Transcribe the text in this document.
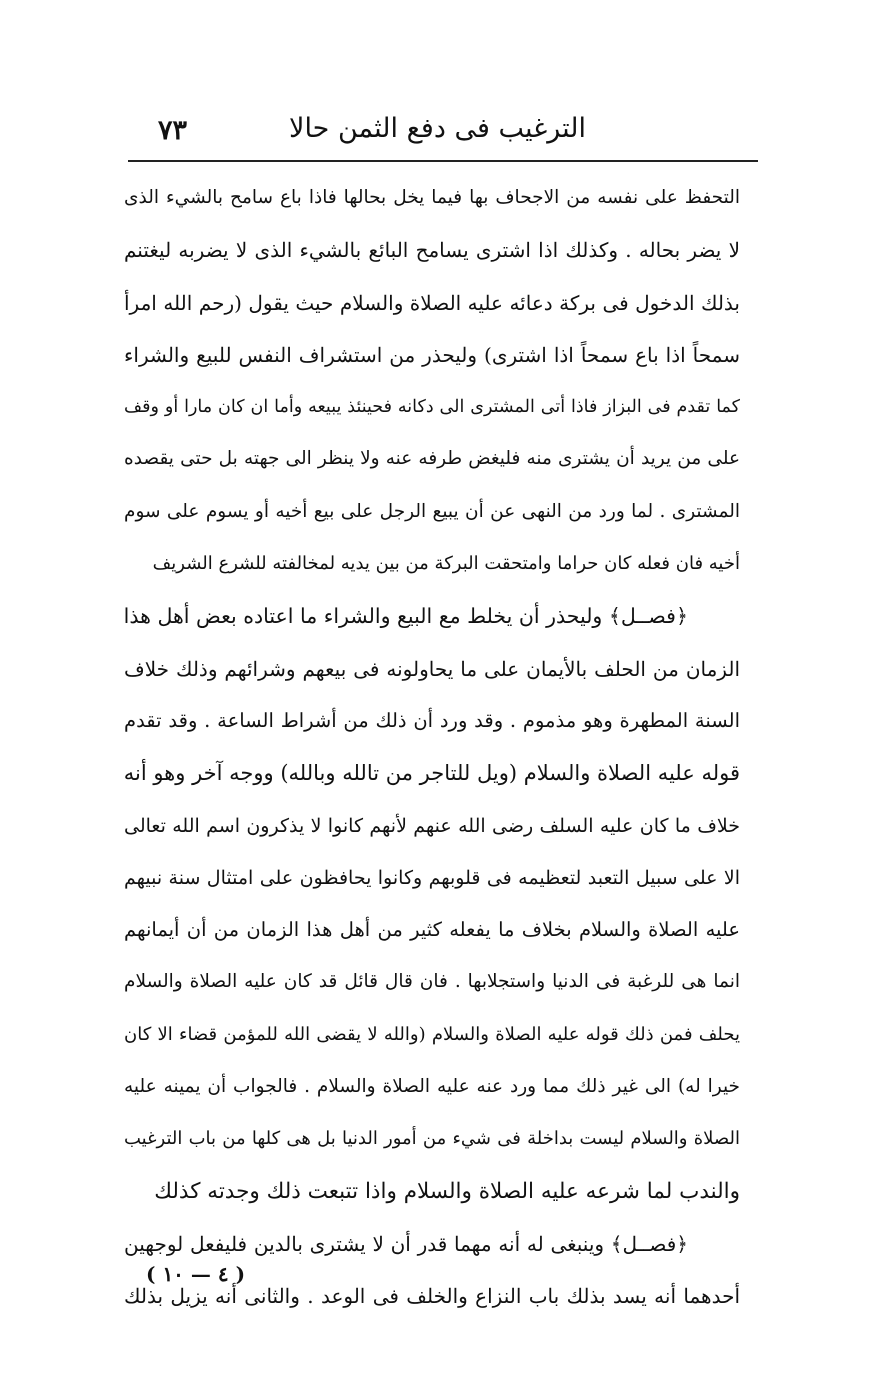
٧٣	الترغيب فى دفع الثمن حالا
التحفظ على نفسه من الاجحاف بها فيما يخل بحالها فاذا باع سامح بالشيء الذى
لا يضر بحاله . وكذلك اذا اشترى يسامح البائع بالشيء الذى لا يضربه ليغتنم
بذلك الدخول فى بركة دعائه عليه الصلاة والسلام حيث يقول (رحم الله امرأ
سمحاً اذا باع سمحاً اذا اشترى) وليحذر من استشراف النفس للبيع والشراء
كما تقدم فى البزاز فاذا أتى المشترى الى دكانه فحينئذ يبيعه وأما ان كان مارا أو وقف
على من يريد أن يشترى منه فليغض طرفه عنه ولا ينظر الى جهته بل حتى يقصده
المشترى . لما ورد من النهى عن أن يبيع الرجل على بيع أخيه أو يسوم على سوم
أخيه فان فعله كان حراما وامتحقت البركة من بين يديه لمخالفته للشرع الشريف
﴿فصــل﴾ وليحذر أن يخلط مع البيع والشراء ما اعتاده بعض أهل هذا
الزمان من الحلف بالأيمان على ما يحاولونه فى بيعهم وشرائهم وذلك خلاف
السنة المطهرة وهو مذموم . وقد ورد أن ذلك من أشراط الساعة . وقد تقدم
قوله عليه الصلاة والسلام (ويل للتاجر من تالله وبالله) ووجه آخر وهو أنه
خلاف ما كان عليه السلف رضى الله عنهم لأنهم كانوا لا يذكرون اسم الله تعالى
الا على سبيل التعبد لتعظيمه فى قلوبهم وكانوا يحافظون على امتثال سنة نبيهم
عليه الصلاة والسلام بخلاف ما يفعله كثير من أهل هذا الزمان من أن أيمانهم
انما هى للرغبة فى الدنيا واستجلابها . فان قال قائل قد كان عليه الصلاة والسلام
يحلف فمن ذلك قوله عليه الصلاة والسلام (والله لا يقضى الله للمؤمن قضاء الا كان
خيرا له) الى غير ذلك مما ورد عنه عليه الصلاة والسلام . فالجواب أن يمينه عليه
الصلاة والسلام ليست بداخلة فى شيء من أمور الدنيا بل هى كلها من باب الترغيب
والندب لما شرعه عليه الصلاة والسلام واذا تتبعت ذلك وجدته كذلك
﴿فصــل﴾ وينبغى له أنه مهما قدر أن لا يشترى بالدين فليفعل لوجهين
أحدهما أنه يسد بذلك باب النزاع والخلف فى الوعد . والثانى أنه يزيل بذلك
( ٤ — ١٠ )
